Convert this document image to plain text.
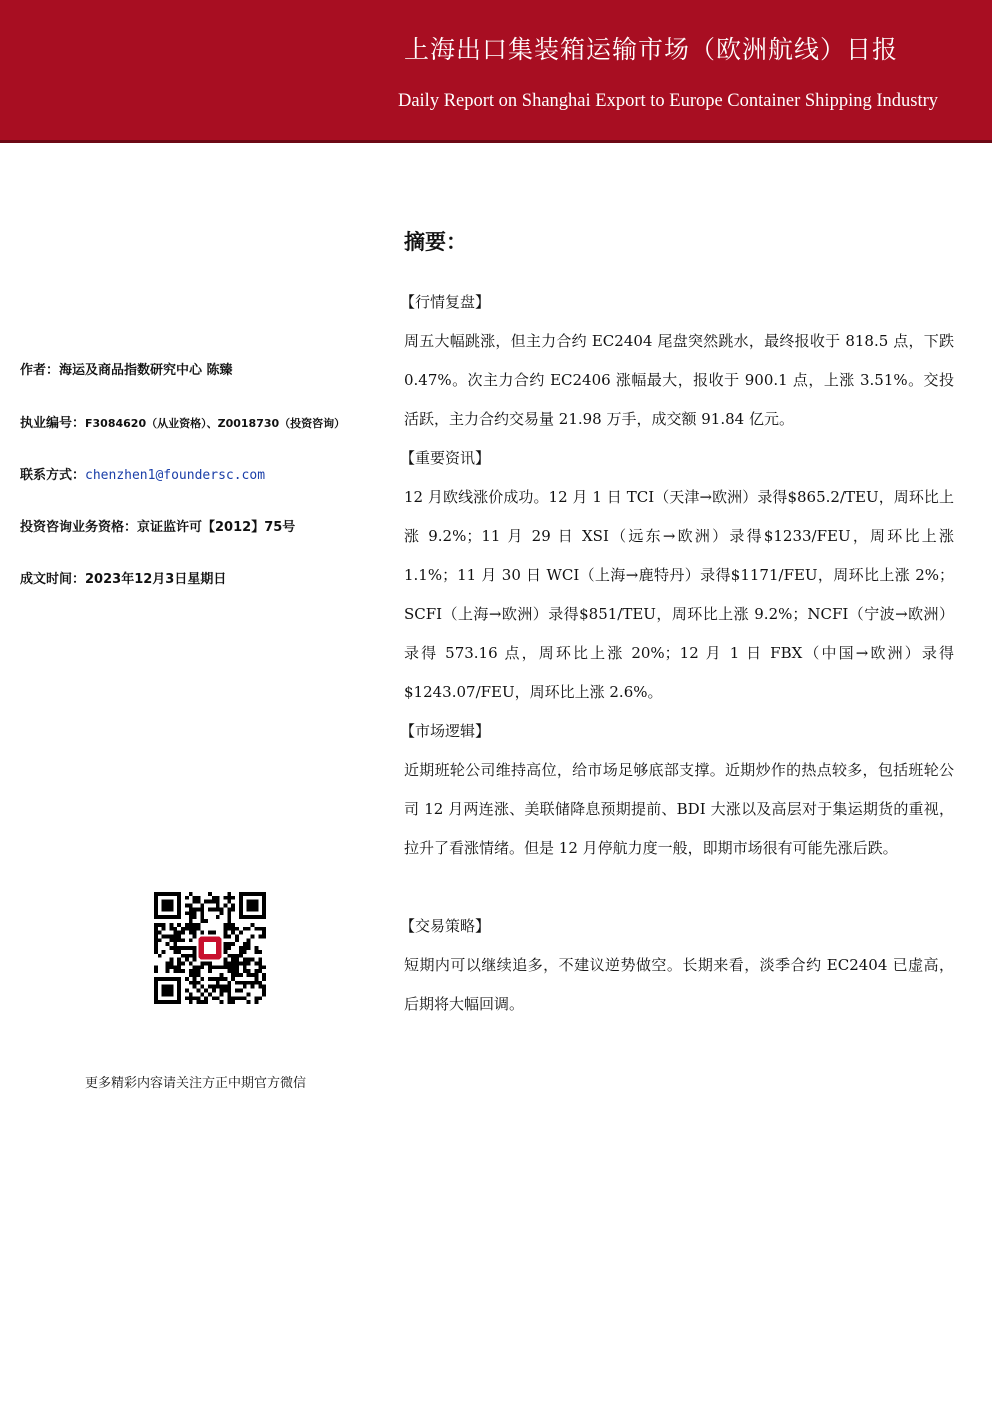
上海出口集装箱运输市场（欧洲航线）日报
Daily Report on Shanghai Export to Europe Container Shipping Industry
作者：海运及商品指数研究中心 陈臻
执业编号：F3084620（从业资格）、Z0018730（投资咨询）
联系方式：chenzhen1@foundersc.com
投资咨询业务资格：京证监许可【2012】75号
成文时间：2023年12月3日星期日
更多精彩内容请关注方正中期官方微信
摘要：
【行情复盘】
周五大幅跳涨，但主力合约 EC2404 尾盘突然跳水，最终报收于 818.5 点，下跌 0.47%。次主力合约 EC2406 涨幅最大，报收于 900.1 点，上涨 3.51%。交投活跃，主力合约交易量 21.98 万手，成交额 91.84 亿元。
【重要资讯】
12 月欧线涨价成功。12 月 1 日 TCI（天津→欧洲）录得$865.2/TEU，周环比上涨 9.2%；11 月 29 日 XSI（远东→欧洲）录得$1233/FEU，周环比上涨 1.1%；11 月 30 日 WCI（上海→鹿特丹）录得$1171/FEU，周环比上涨 2%；SCFI（上海→欧洲）录得$851/TEU，周环比上涨 9.2%；NCFI（宁波→欧洲）录得 573.16 点，周环比上涨 20%；12 月 1 日 FBX（中国→欧洲）录得$1243.07/FEU，周环比上涨 2.6%。
【市场逻辑】
近期班轮公司维持高位，给市场足够底部支撑。近期炒作的热点较多，包括班轮公司 12 月两连涨、美联储降息预期提前、BDI 大涨以及高层对于集运期货的重视，拉升了看涨情绪。但是 12 月停航力度一般，即期市场很有可能先涨后跌。
【交易策略】
短期内可以继续追多，不建议逆势做空。长期来看，淡季合约 EC2404 已虚高，后期将大幅回调。
